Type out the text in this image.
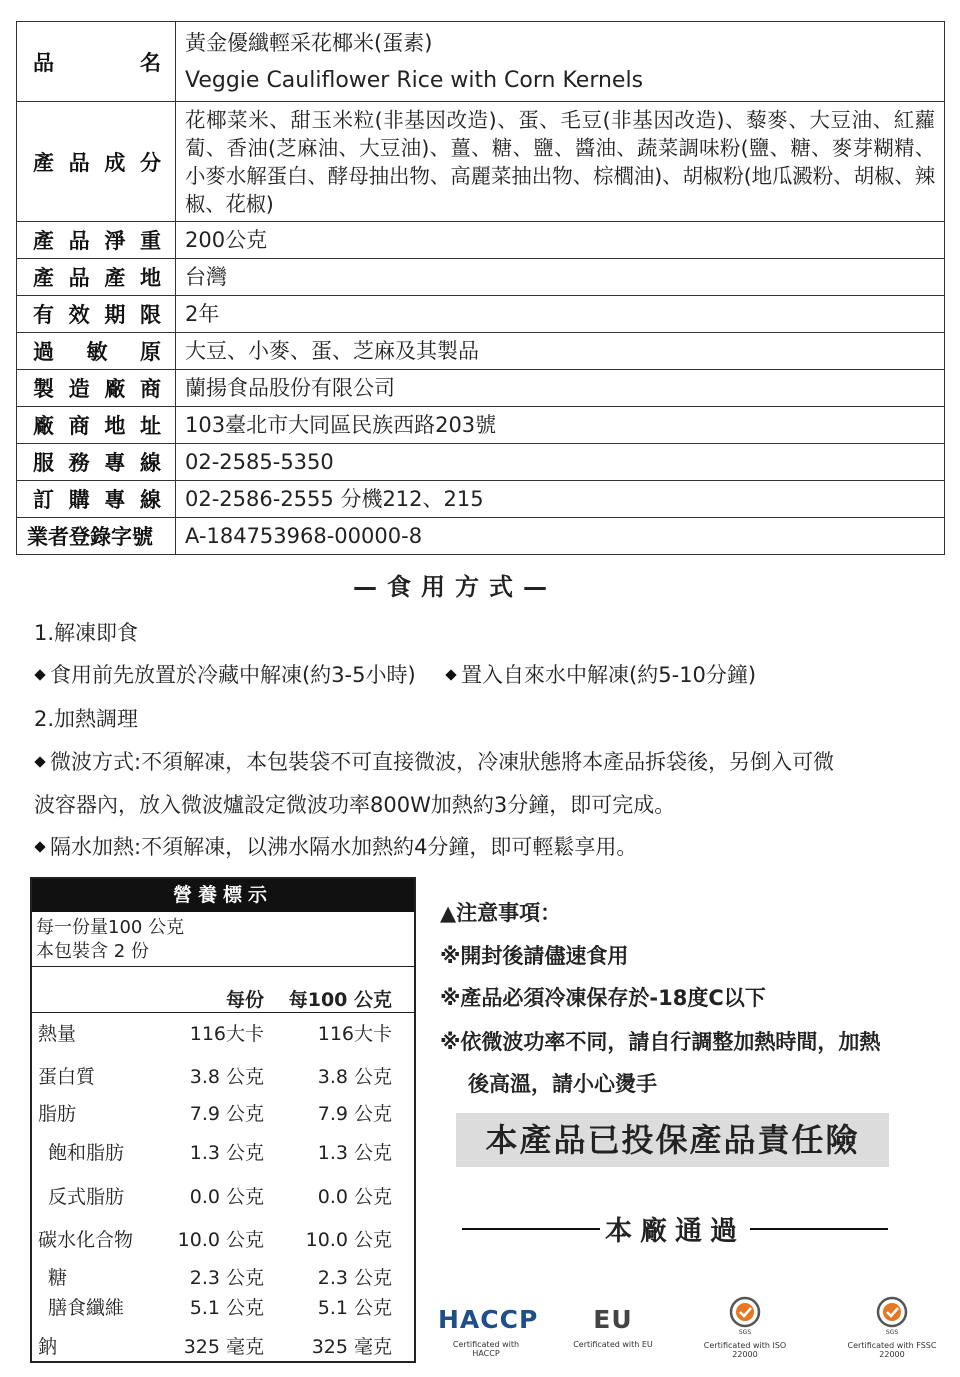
品　　名	黃金優纖輕采花椰米(蛋素)
Veggie Cauliflower Rice with Corn Kernels

產品成分	花椰菜米、甜玉米粒(非基因改造)、蛋、毛豆(非基因改造)、藜麥、大豆油、紅蘿蔔、香油(芝麻油、大豆油)、薑、糖、鹽、醬油、蔬菜調味粉(鹽、糖、麥芽糊精、小麥水解蛋白、酵母抽出物、高麗菜抽出物、棕櫚油)、胡椒粉(地瓜澱粉、胡椒、辣椒、花椒)
產品淨重	200公克
產品產地	台灣
有效期限	2年
過敏原	大豆、小麥、蛋、芝麻及其製品
製造廠商	蘭揚食品股份有限公司
廠商地址	103臺北市大同區民族西路203號
服務專線	02-2585-5350
訂購專線	02-2586-2555 分機212、215
業者登錄字號	A-184753968-00000-8
—食用方式—
1.解凍即食
食用前先放置於冷藏中解凍(約3-5小時) 置入自來水中解凍(約5-10分鐘)
2.加熱調理
微波方式:不須解凍，本包裝袋不可直接微波，冷凍狀態將本產品拆袋後，另倒入可微
波容器內，放入微波爐設定微波功率800W加熱約3分鐘，即可完成。
隔水加熱:不須解凍，以沸水隔水加熱約4分鐘，即可輕鬆享用。
營養標示
每一份量100 公克
本包裝含 2 份
每份 每100 公克
熱量	116大卡	116大卡
蛋白質	3.8 公克	3.8 公克
脂肪	7.9 公克	7.9 公克
飽和脂肪	1.3 公克	1.3 公克
反式脂肪	0.0 公克	0.0 公克
碳水化合物 10.0 公克 10.0 公克
糖	2.3 公克	2.3 公克
膳食纖維	5.1 公克	5.1 公克
鈉	325 毫克	325 毫克
▲注意事項：
※開封後請儘速食用
※產品必須冷凍保存於-18度C以下
※依微波功率不同，請自行調整加熱時間，加熱
後高溫，請小心燙手
本產品已投保產品責任險
本廠通過
HACCP
Certificated with HACCP
EU
Certificated with EU
SGS
Certificated with ISO 22000
SGS
Certificated with FSSC 22000
